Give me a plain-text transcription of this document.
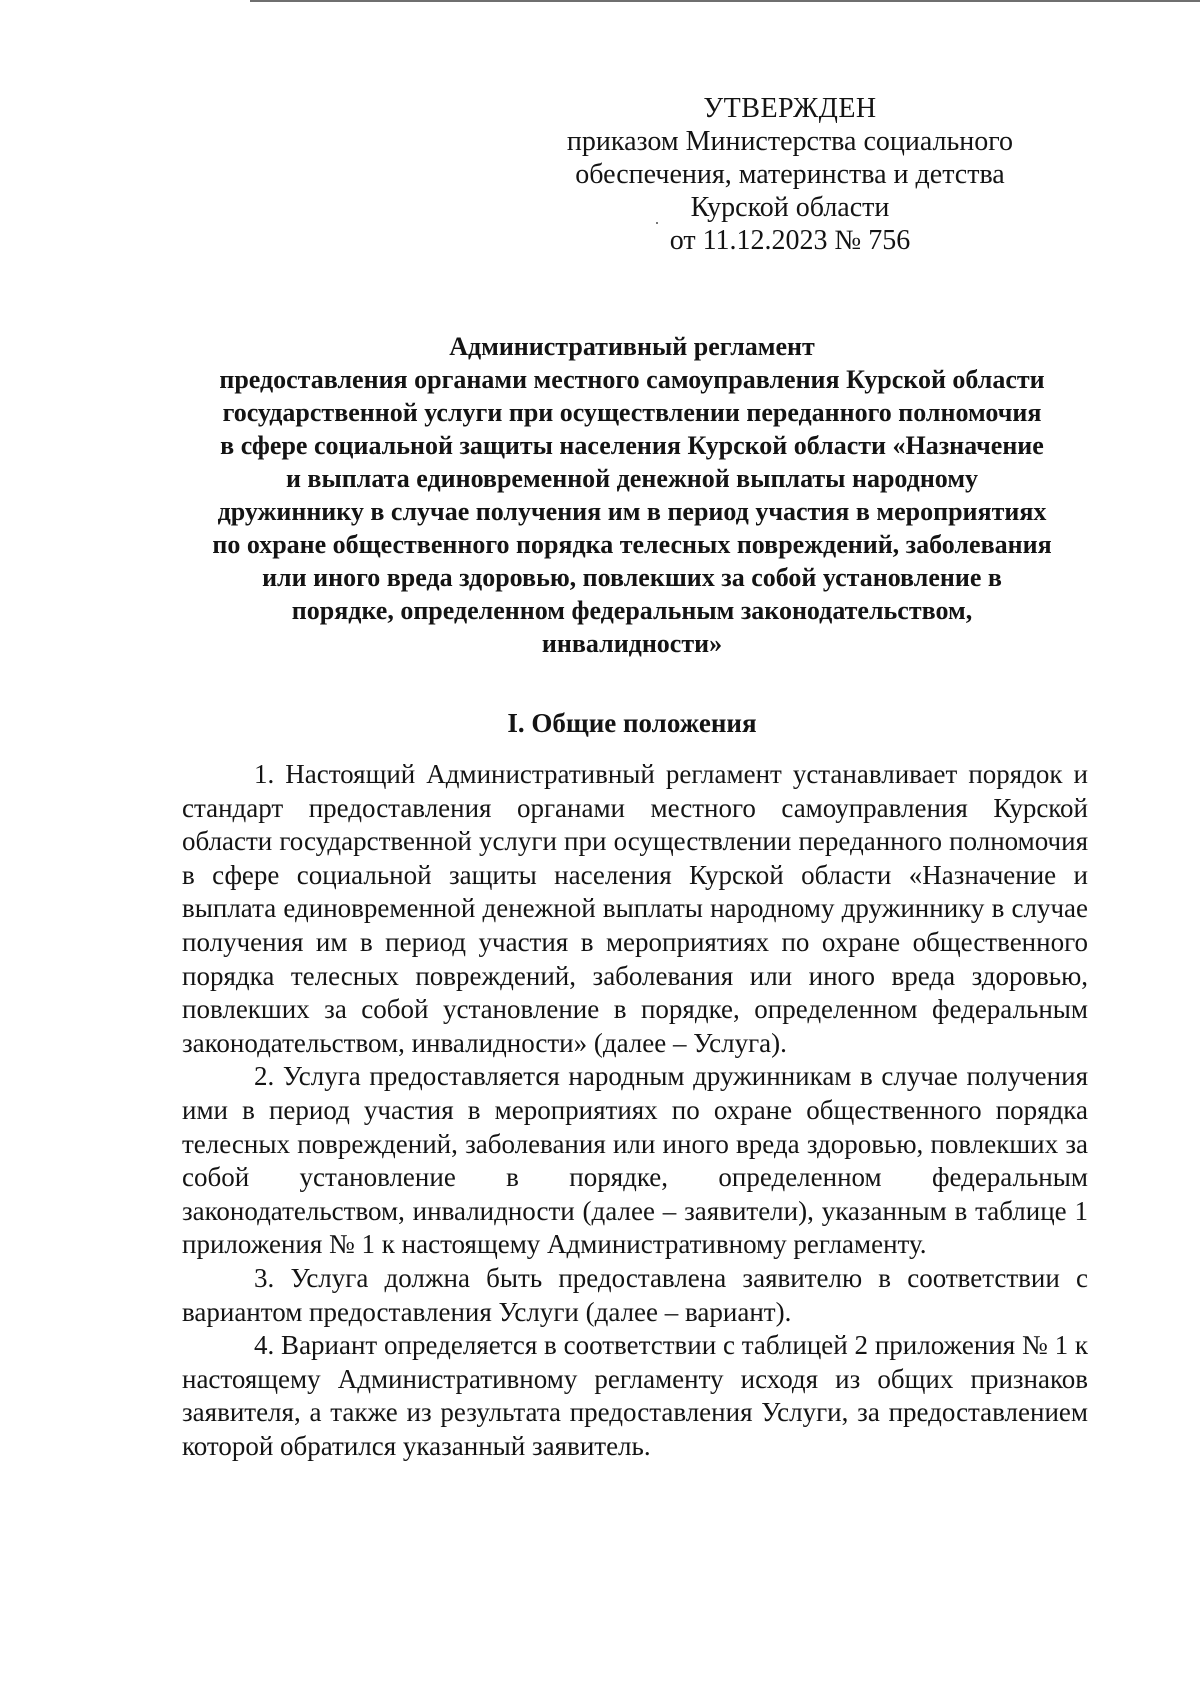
УТВЕРЖДЕН
приказом Министерства социального
обеспечения, материнства и детства
Курской области
от 11.12.2023 № 756
Административный регламент
предоставления органами местного самоуправления Курской области
государственной услуги при осуществлении переданного полномочия
в сфере социальной защиты населения Курской области «Назначение
и выплата единовременной денежной выплаты народному
дружиннику в случае получения им в период участия в мероприятиях
по охране общественного порядка телесных повреждений, заболевания
или иного вреда здоровью, повлекших за собой установление в
порядке, определенном федеральным законодательством,
инвалидности»
I. Общие положения

1. Настоящий Административный регламент устанавливает порядок и стандарт предоставления органами местного самоуправления Курской области государственной услуги при осуществлении переданного полномочия в сфере социальной защиты населения Курской области «Назначение и выплата единовременной денежной выплаты народному дружиннику в случае получения им в период участия в мероприятиях по охране общественного порядка телесных повреждений, заболевания или иного вреда здоровью, повлекших за собой установление в порядке, определенном федеральным законодательством, инвалидности» (далее – Услуга).

2. Услуга предоставляется народным дружинникам в случае получения ими в период участия в мероприятиях по охране общественного порядка телесных повреждений, заболевания или иного вреда здоровью, повлекших за собой установление в порядке, определенном федеральным законодательством, инвалидности (далее – заявители), указанным в таблице 1 приложения № 1 к настоящему Административному регламенту.

3. Услуга должна быть предоставлена заявителю в соответствии с вариантом предоставления Услуги (далее – вариант).

4. Вариант определяется в соответствии с таблицей 2 приложения № 1 к настоящему Административному регламенту исходя из общих признаков заявителя, а также из результата предоставления Услуги, за предоставлением которой обратился указанный заявитель.
